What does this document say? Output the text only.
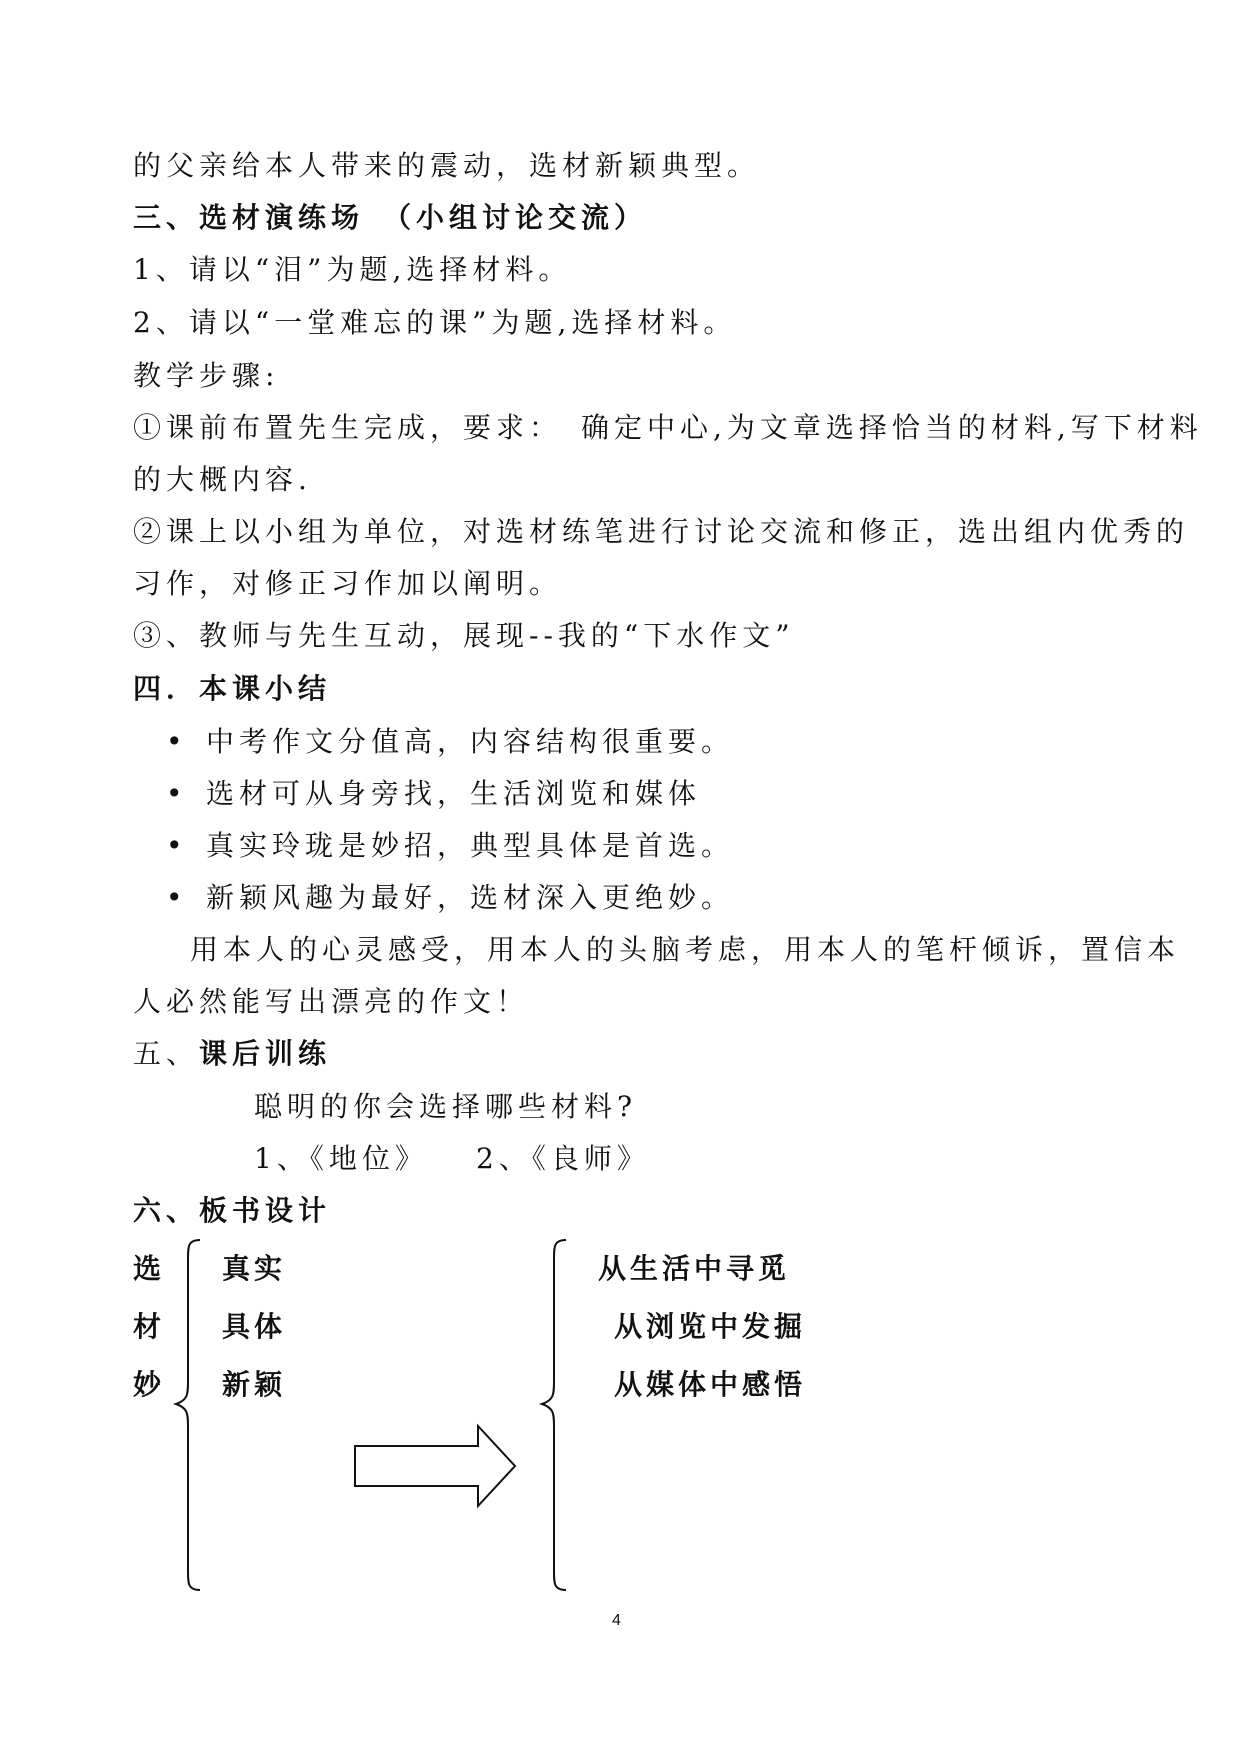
的父亲给本人带来的震动，选材新颖典型。
三、选材演练场　（小组讨论交流）
1、请以“泪”为题,选择材料。
2、请以“一堂难忘的课”为题,选择材料。
教学步骤:
①课前布置先生完成，要求：　确定中心,为文章选择恰当的材料,写下材料
的大概内容.
②课上以小组为单位，对选材练笔进行讨论交流和修正，选出组内优秀的
习作，对修正习作加以阐明。
③、教师与先生互动，展现--我的“下水作文”
四．本课小结
• 中考作文分值高，内容结构很重要。
• 选材可从身旁找，生活浏览和媒体
• 真实玲珑是妙招，典型具体是首选。
• 新颖风趣为最好，选材深入更绝妙。
用本人的心灵感受，用本人的头脑考虑，用本人的笔杆倾诉，置信本
人必然能写出漂亮的作文！
五、课后训练
聪明的你会选择哪些材料?
1、《地位》 2、《良师》
六、板书设计
选
材
妙
真实
具体
新颖
从生活中寻觅
从浏览中发掘
从媒体中感悟
4
